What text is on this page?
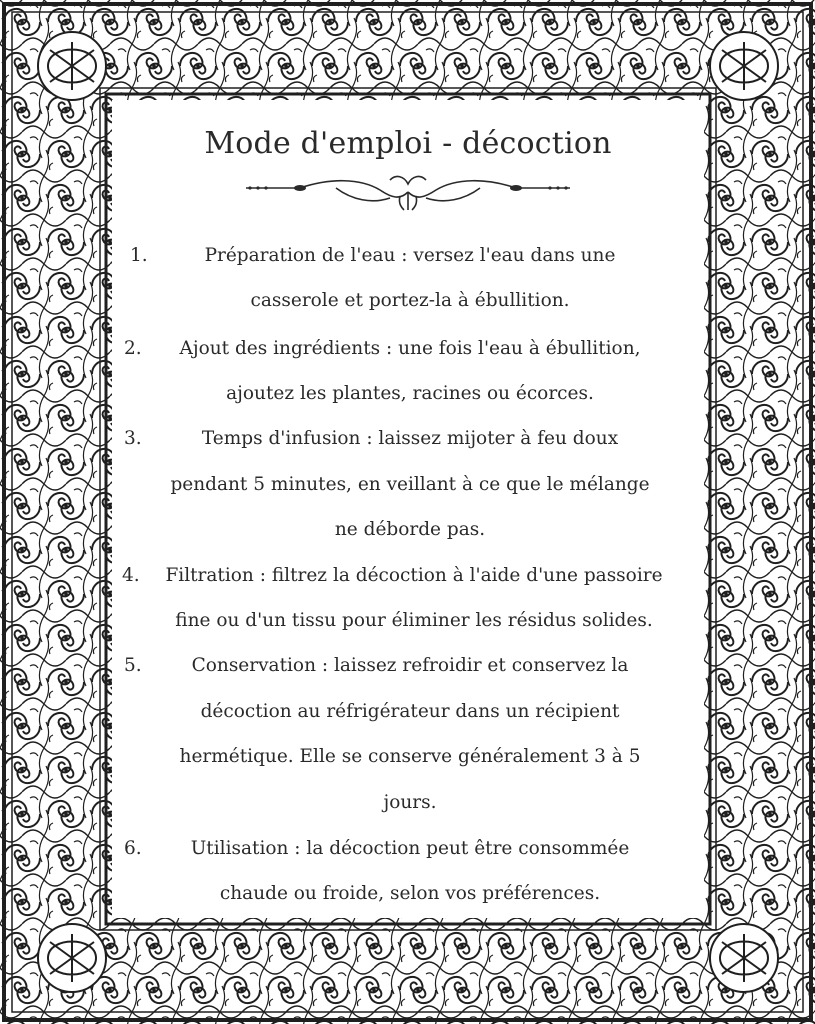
Mode d'emploi - décoction
1.	Préparation de l'eau : versez l'eau dans une
casserole et portez-la à ébullition.
2.	Ajout des ingrédients : une fois l'eau à ébullition,
ajoutez les plantes, racines ou écorces.
3.	Temps d'infusion : laissez mijoter à feu doux
pendant 5 minutes, en veillant à ce que le mélange
ne déborde pas.
4.	Filtration : filtrez la décoction à l'aide d'une passoire
fine ou d'un tissu pour éliminer les résidus solides.
5.	Conservation : laissez refroidir et conservez la
décoction au réfrigérateur dans un récipient
hermétique. Elle se conserve généralement 3 à 5
jours.
6.	Utilisation : la décoction peut être consommée
chaude ou froide, selon vos préférences.
